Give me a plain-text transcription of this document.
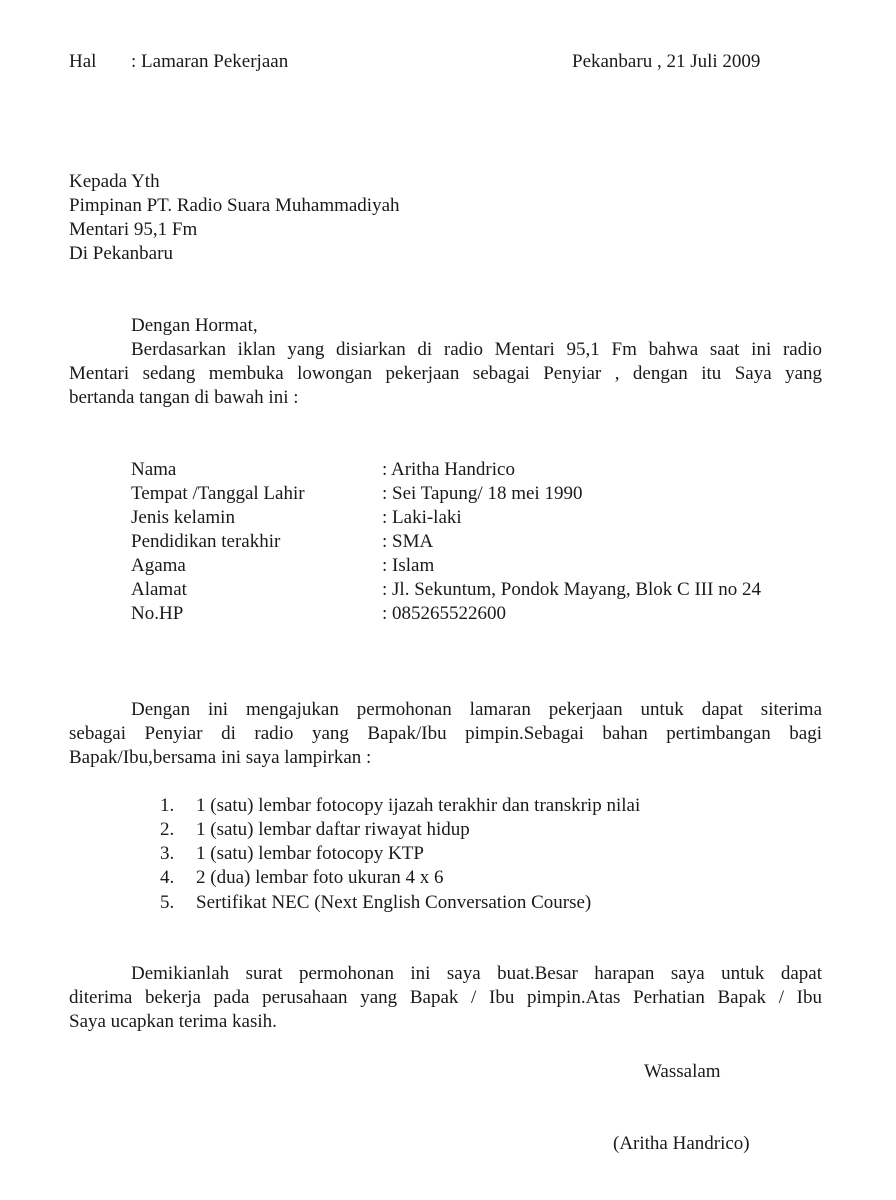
Hal : Lamaran Pekerjaan	Pekanbaru , 21 Juli 2009
Kepada Yth
Pimpinan PT. Radio Suara Muhammadiyah
Mentari 95,1 Fm
Di Pekanbaru
Dengan Hormat,
Berdasarkan iklan yang disiarkan di radio Mentari 95,1 Fm bahwa saat ini radio
Mentari sedang membuka lowongan pekerjaan sebagai Penyiar , dengan itu Saya yang
bertanda tangan di bawah ini :
Nama	: Aritha Handrico
Tempat /Tanggal Lahir	: Sei Tapung/ 18 mei 1990
Jenis kelamin	: Laki-laki
Pendidikan terakhir	: SMA
Agama	: Islam
Alamat	: Jl. Sekuntum, Pondok Mayang, Blok C III no 24
No.HP	: 085265522600
Dengan ini mengajukan permohonan lamaran pekerjaan untuk dapat siterima
sebagai Penyiar di radio yang Bapak/Ibu pimpin.Sebagai bahan pertimbangan bagi
Bapak/Ibu,bersama ini saya lampirkan :
1. 1 (satu) lembar fotocopy ijazah terakhir dan transkrip nilai
2. 1 (satu) lembar daftar riwayat hidup
3. 1 (satu) lembar fotocopy KTP
4. 2 (dua) lembar foto ukuran 4 x 6
5. Sertifikat NEC (Next English Conversation Course)
Demikianlah surat permohonan ini saya buat.Besar harapan saya untuk dapat
diterima bekerja pada perusahaan yang Bapak / Ibu pimpin.Atas Perhatian Bapak / Ibu
Saya ucapkan terima kasih.
Wassalam
(Aritha Handrico)
